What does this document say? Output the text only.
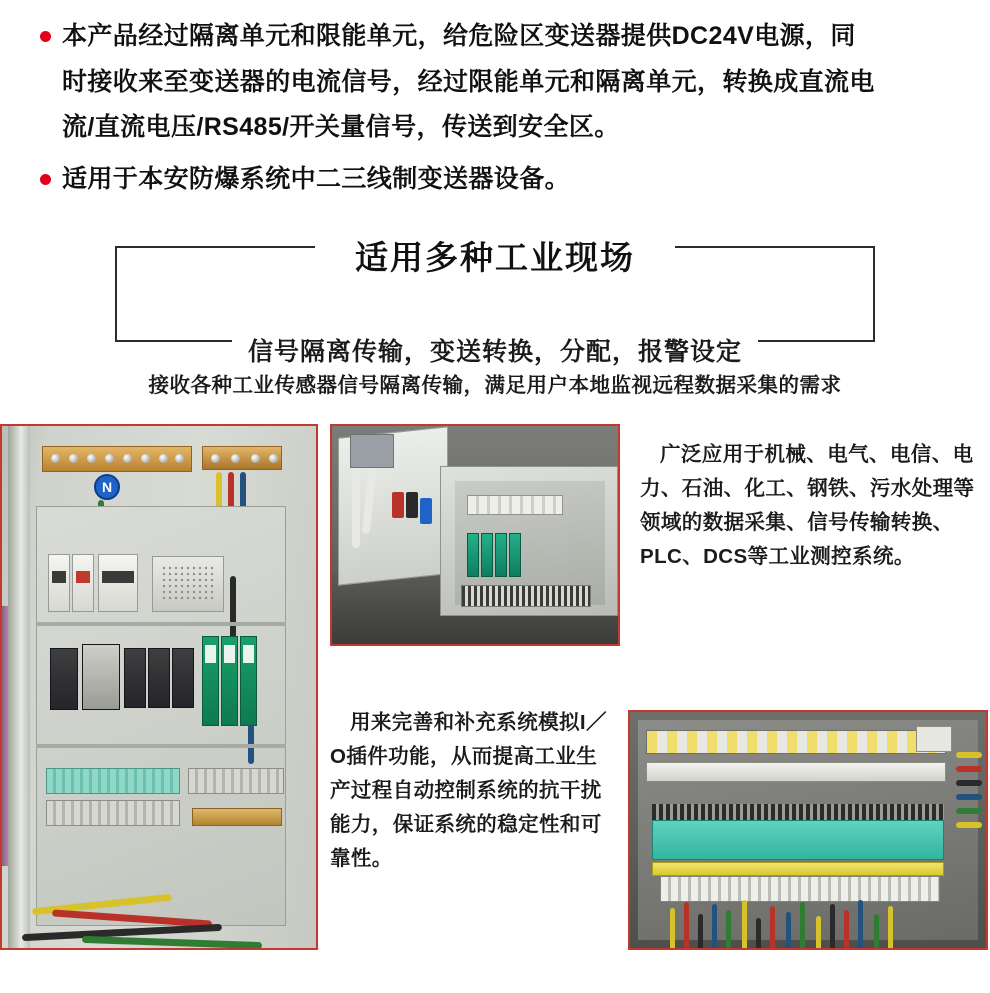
本产品经过隔离单元和限能单元，给危险区变送器提供DC24V电源，同
时接收来至变送器的电流信号，经过限能单元和隔离单元，转换成直流电
流/直流电压/RS485/开关量信号，传送到安全区。
适用于本安防爆系统中二三线制变送器设备。
适用多种工业现场
信号隔离传输，变送转换，分配，报警设定
接收各种工业传感器信号隔离传输，满足用户本地监视远程数据采集的需求
N
广泛应用于机械、电气、电信、电力、石油、化工、钢铁、污水处理等领域的数据采集、信号传输转换、PLC、DCS等工业测控系统。
用来完善和补充系统模拟I／O插件功能，从而提高工业生产过程自动控制系统的抗干扰能力，保证系统的稳定性和可靠性。
